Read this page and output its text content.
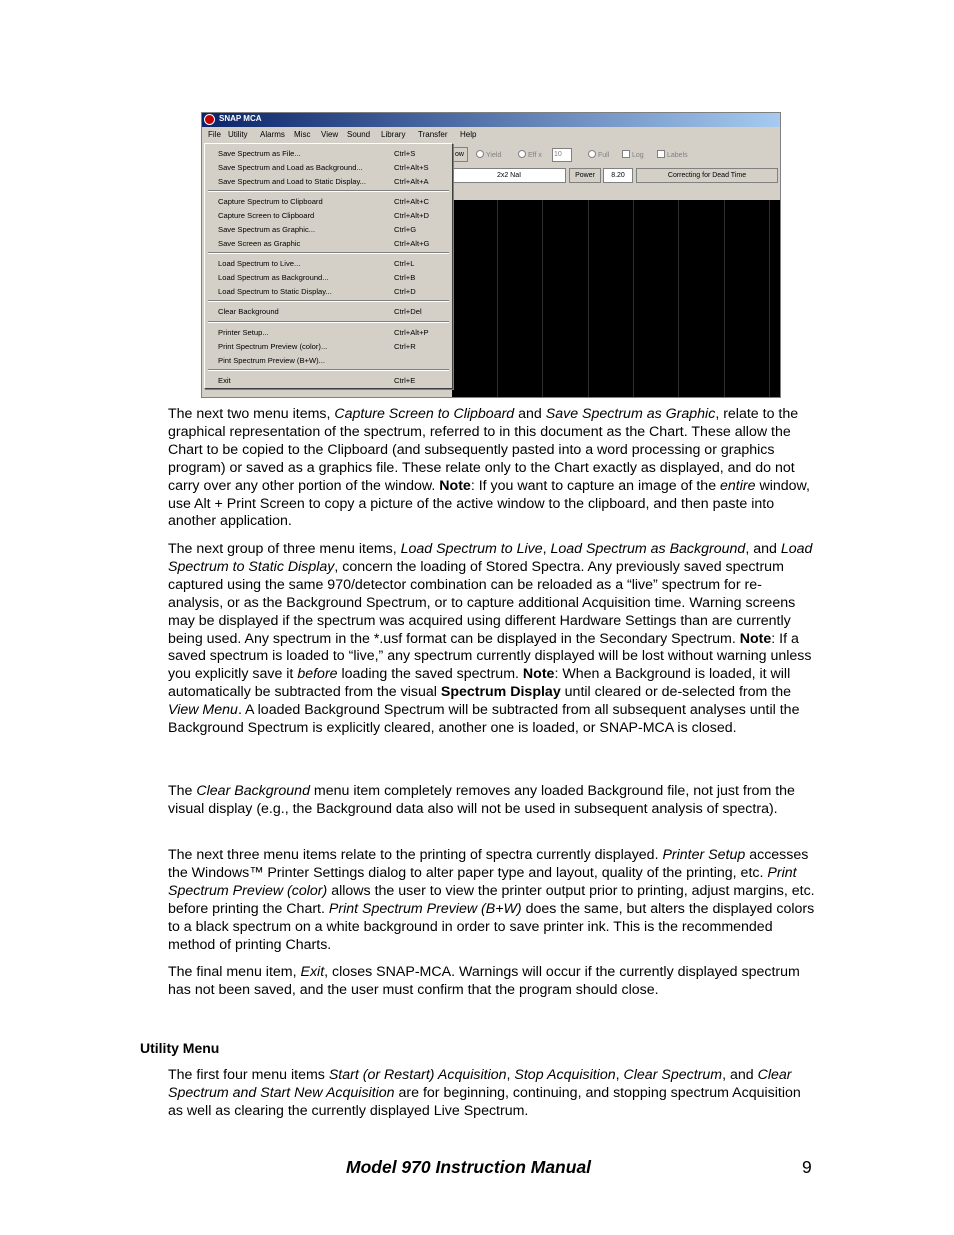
SNAP MCA
File Utility Alarms Misc View Sound Library Transfer Help
ow	Yield	Eff x 10	Full	Log	Labels
2x2 NaI	Power	8.20	Correcting for Dead Time
Save Spectrum as File...	Ctrl+S
Save Spectrum and Load as Background...	Ctrl+Alt+S
Save Spectrum and Load to Static Display...	Ctrl+Alt+A
Capture Spectrum to Clipboard	Ctrl+Alt+C
Capture Screen to Clipboard	Ctrl+Alt+D
Save Spectrum as Graphic...	Ctrl+G
Save Screen as Graphic	Ctrl+Alt+G
Load Spectrum to Live...	Ctrl+L
Load Spectrum as Background...	Ctrl+B
Load Spectrum to Static Display...	Ctrl+D
Clear Background	Ctrl+Del
Printer Setup...	Ctrl+Alt+P
Print Spectrum Preview (color)...	Ctrl+R
Pint Spectrum Preview (B+W)...
Exit	Ctrl+E

The next two menu items, Capture Screen to Clipboard and Save Spectrum as Graphic, relate to the graphical representation of the spectrum, referred to in this document as the Chart. These allow the Chart to be copied to the Clipboard (and subsequently pasted into a word processing or graphics program) or saved as a graphics file. These relate only to the Chart exactly as displayed, and do not carry over any other portion of the window. Note: If you want to capture an image of the entire window, use Alt + Print Screen to copy a picture of the active window to the clipboard, and then paste into another application.

The next group of three menu items, Load Spectrum to Live, Load Spectrum as Background, and Load Spectrum to Static Display, concern the loading of Stored Spectra. Any previously saved spectrum captured using the same 970/detector combination can be reloaded as a “live” spectrum for re-analysis, or as the Background Spectrum, or to capture additional Acquisition time. Warning screens may be displayed if the spectrum was acquired using different Hardware Settings than are currently being used. Any spectrum in the *.usf format can be displayed in the Secondary Spectrum. Note: If a saved spectrum is loaded to “live,” any spectrum currently displayed will be lost without warning unless you explicitly save it before loading the saved spectrum. Note: When a Background is loaded, it will automatically be subtracted from the visual Spectrum Display until cleared or de-selected from the View Menu. A loaded Background Spectrum will be subtracted from all subsequent analyses until the Background Spectrum is explicitly cleared, another one is loaded, or SNAP-MCA is closed.

The Clear Background menu item completely removes any loaded Background file, not just from the visual display (e.g., the Background data also will not be used in subsequent analysis of spectra).

The next three menu items relate to the printing of spectra currently displayed. Printer Setup accesses the Windows™ Printer Settings dialog to alter paper type and layout, quality of the printing, etc. Print Spectrum Preview (color) allows the user to view the printer output prior to printing, adjust margins, etc. before printing the Chart. Print Spectrum Preview (B+W) does the same, but alters the displayed colors to a black spectrum on a white background in order to save printer ink. This is the recommended method of printing Charts.

The final menu item, Exit, closes SNAP-MCA. Warnings will occur if the currently displayed spectrum has not been saved, and the user must confirm that the program should close.

Utility Menu

The first four menu items Start (or Restart) Acquisition, Stop Acquisition, Clear Spectrum, and Clear Spectrum and Start New Acquisition are for beginning, continuing, and stopping spectrum Acquisition as well as clearing the currently displayed Live Spectrum.

Model 970 Instruction Manual	9
